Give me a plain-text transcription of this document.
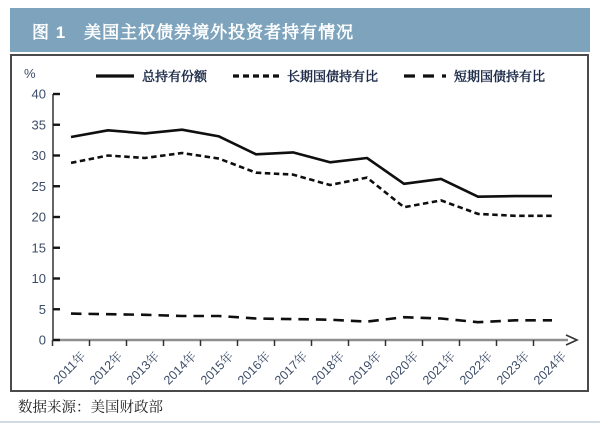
图 1　美国主权债券境外投资者持有情况
0
5
10
15
20
25
30
35
40
%	总持有份额	长期国债持有比	短期国债持有比
2011年
2012年
2013年
2014年
2015年
2016年
2017年
2018年
2019年
2020年
2021年
2022年
2023年
2024年
数据来源：美国财政部
